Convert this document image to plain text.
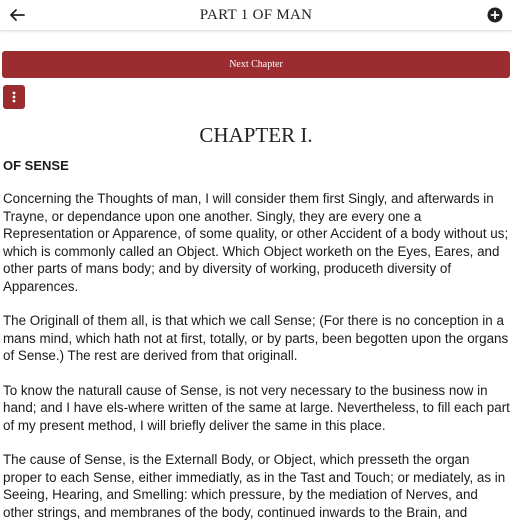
PART 1 OF MAN
Next Chapter
CHAPTER I.
OF SENSE

Concerning the Thoughts of man, I will consider them first Singly, and afterwards in Trayne, or dependance upon one another. Singly, they are every one a Representation or Apparence, of some quality, or other Accident of a body without us; which is commonly called an Object. Which Object worketh on the Eyes, Eares, and other parts of mans body; and by diversity of working, produceth diversity of Apparences.

The Originall of them all, is that which we call Sense; (For there is no conception in a mans mind, which hath not at first, totally, or by parts, been begotten upon the organs of Sense.) The rest are derived from that originall.

To know the naturall cause of Sense, is not very necessary to the business now in hand; and I have els-where written of the same at large. Nevertheless, to fill each part of my present method, I will briefly deliver the same in this place.

The cause of Sense, is the Externall Body, or Object, which presseth the organ proper to each Sense, either immediatly, as in the Tast and Touch; or mediately, as in Seeing, Hearing, and Smelling: which pressure, by the mediation of Nerves, and other strings, and membranes of the body, continued inwards to the Brain, and
